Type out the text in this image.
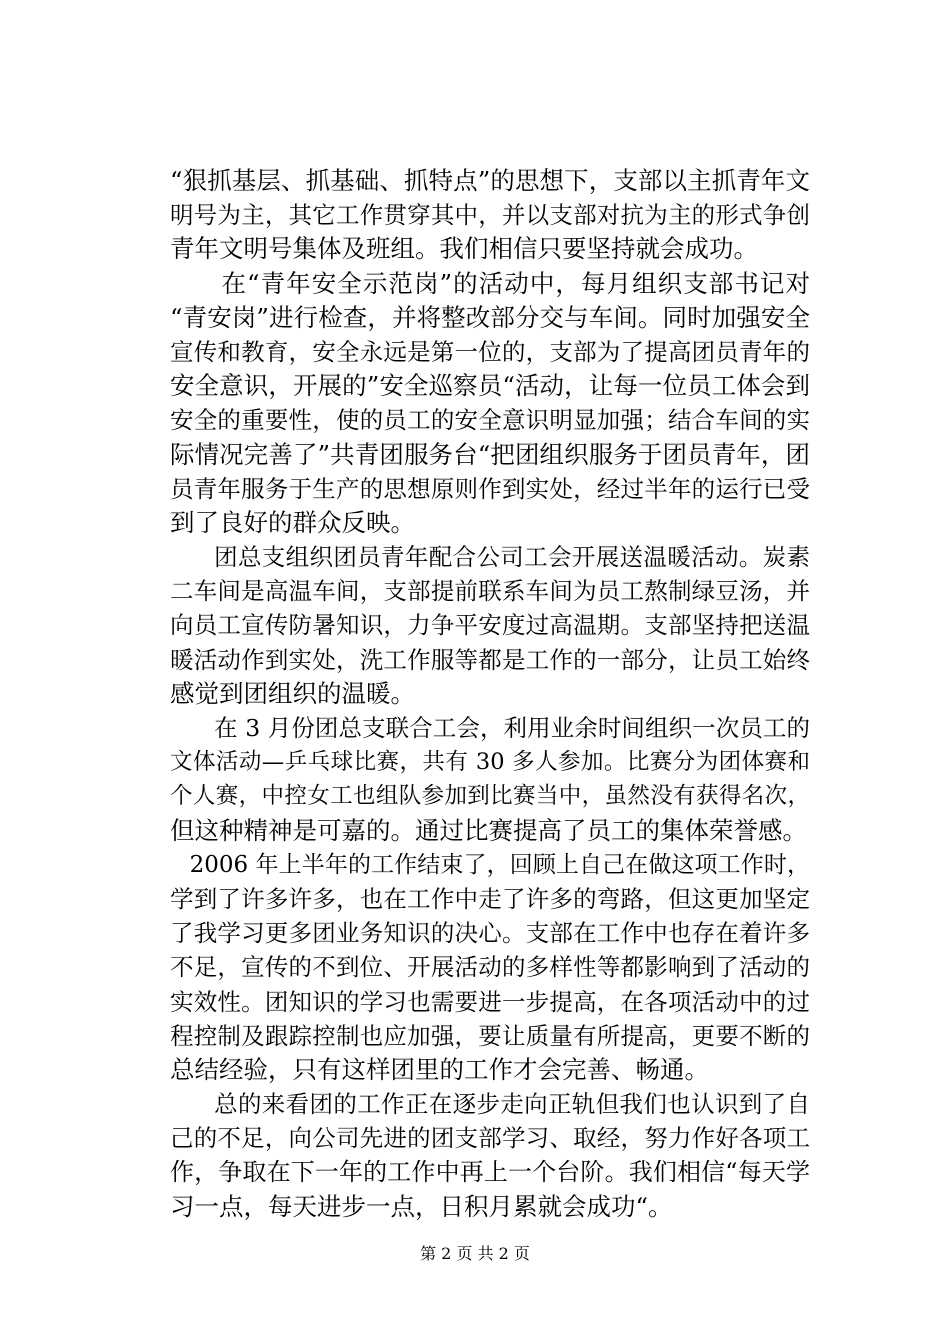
“狠抓基层、抓基础、抓特点”的思想下，支部以主抓青年文
明号为主，其它工作贯穿其中，并以支部对抗为主的形式争创
青年文明号集体及班组。我们相信只要坚持就会成功。
在“青年安全示范岗”的活动中，每月组织支部书记对
“青安岗”进行检查，并将整改部分交与车间。同时加强安全
宣传和教育，安全永远是第一位的，支部为了提高团员青年的
安全意识，开展的”安全巡察员“活动，让每一位员工体会到
安全的重要性，使的员工的安全意识明显加强；结合车间的实
际情况完善了”共青团服务台“把团组织服务于团员青年，团
员青年服务于生产的思想原则作到实处，经过半年的运行已受
到了良好的群众反映。
团总支组织团员青年配合公司工会开展送温暖活动。炭素
二车间是高温车间，支部提前联系车间为员工熬制绿豆汤，并
向员工宣传防暑知识，力争平安度过高温期。支部坚持把送温
暖活动作到实处，洗工作服等都是工作的一部分，让员工始终
感觉到团组织的温暖。
在 3 月份团总支联合工会，利用业余时间组织一次员工的
文体活动—乒乓球比赛，共有 30 多人参加。比赛分为团体赛和
个人赛，中控女工也组队参加到比赛当中，虽然没有获得名次，
但这种精神是可嘉的。通过比赛提高了员工的集体荣誉感。
2006 年上半年的工作结束了，回顾上自己在做这项工作时，
学到了许多许多，也在工作中走了许多的弯路，但这更加坚定
了我学习更多团业务知识的决心。支部在工作中也存在着许多
不足，宣传的不到位、开展活动的多样性等都影响到了活动的
实效性。团知识的学习也需要进一步提高，在各项活动中的过
程控制及跟踪控制也应加强，要让质量有所提高，更要不断的
总结经验，只有这样团里的工作才会完善、畅通。
总的来看团的工作正在逐步走向正轨但我们也认识到了自
己的不足，向公司先进的团支部学习、取经，努力作好各项工
作，争取在下一年的工作中再上一个台阶。我们相信“每天学
习一点，每天进步一点，日积月累就会成功“。
第 2 页 共 2 页
